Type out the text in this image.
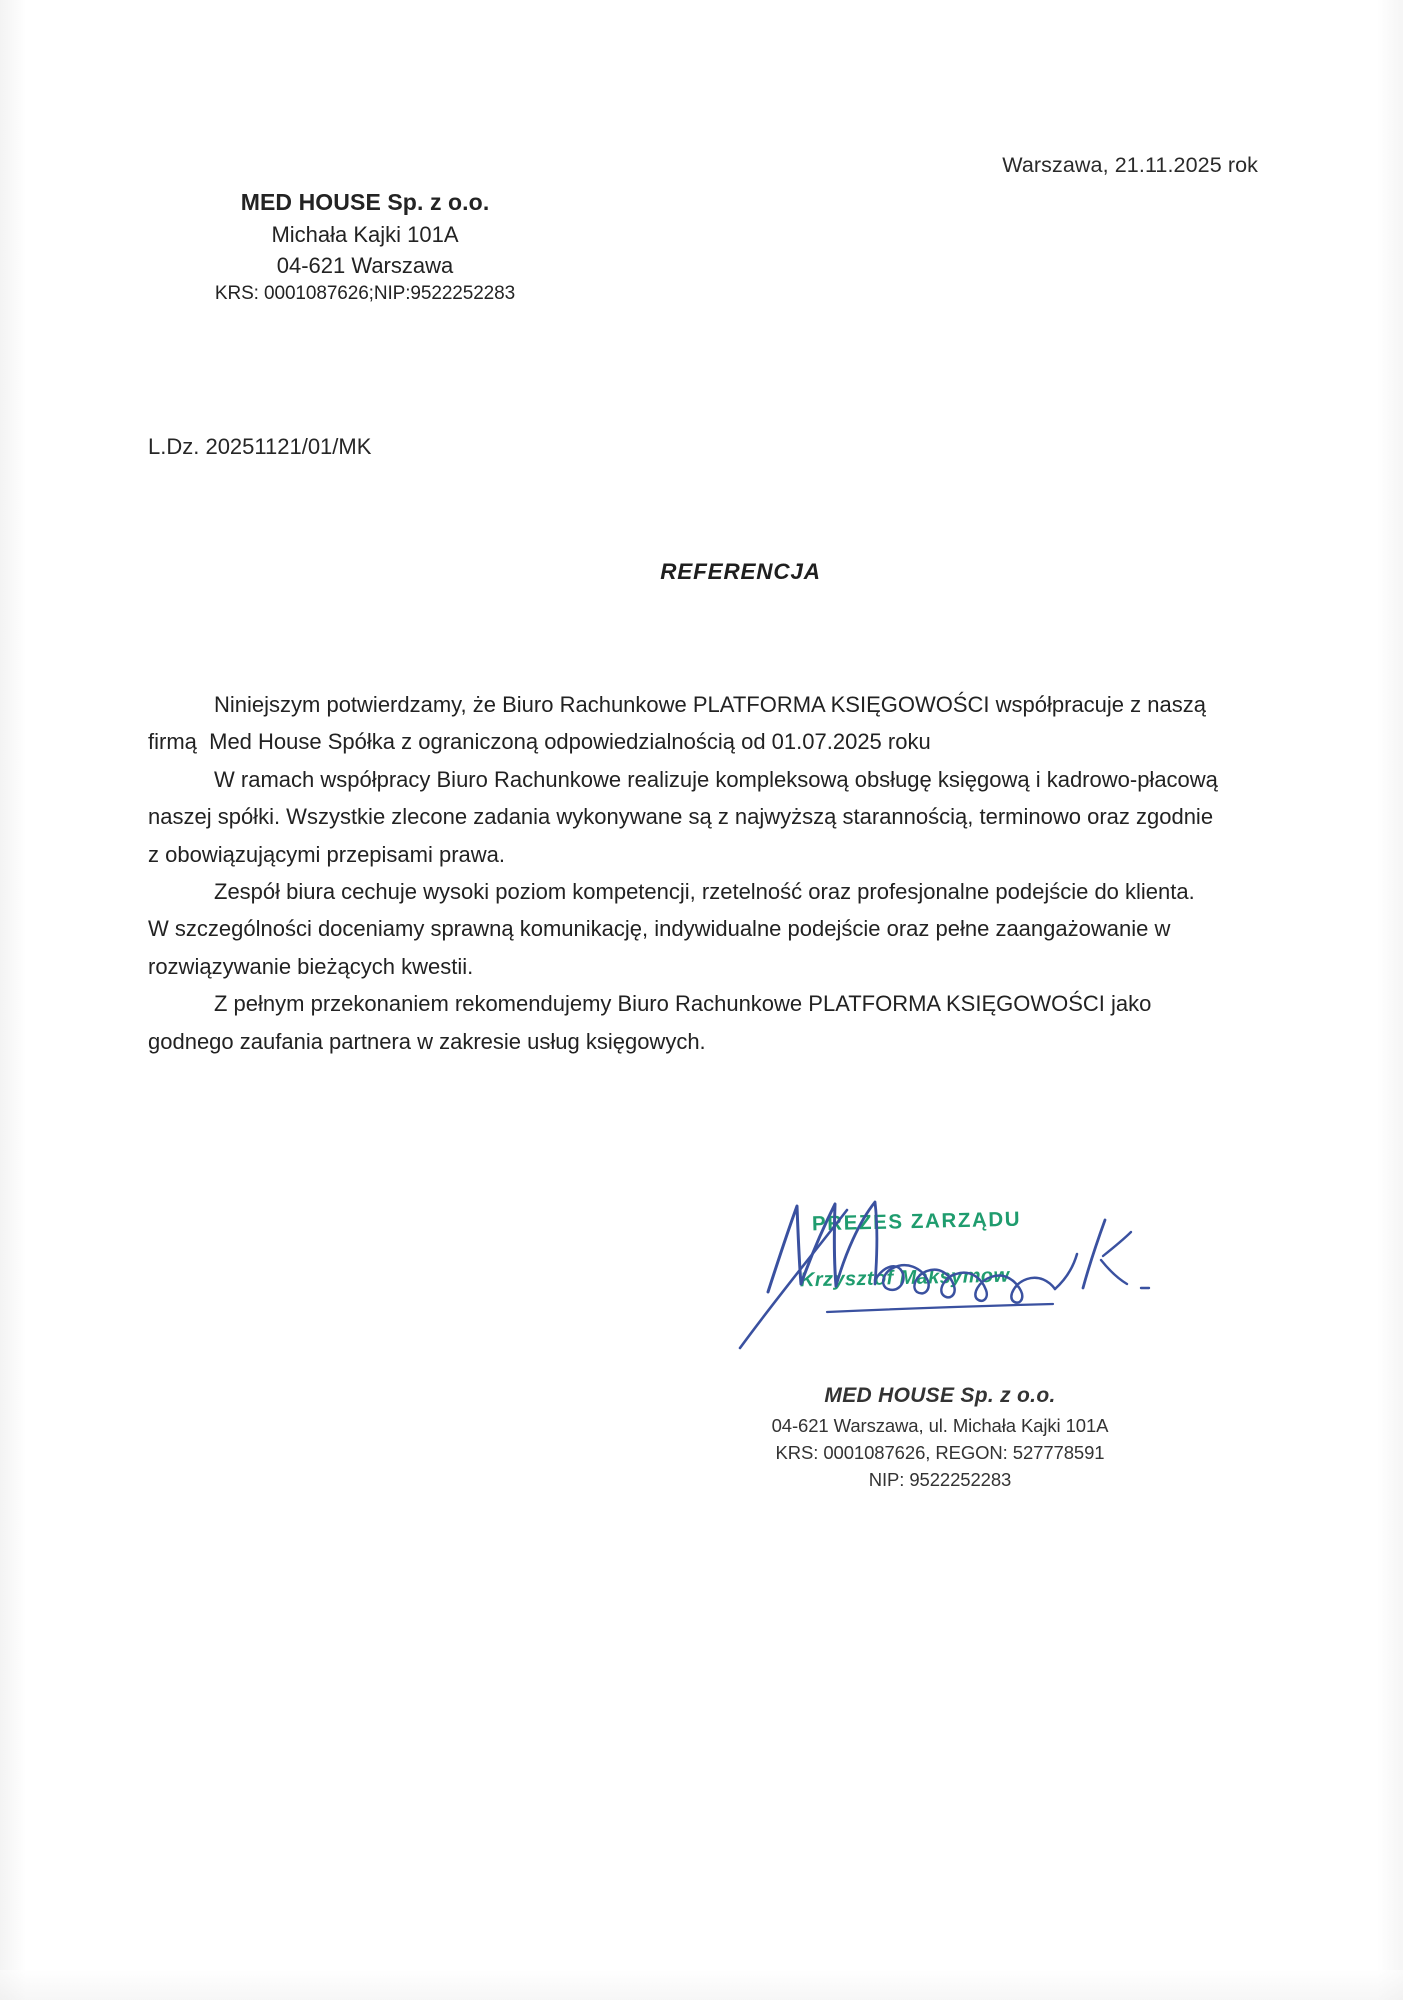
Warszawa, 21.11.2025 rok
MED HOUSE Sp. z o.o.
Michała Kajki 101A
04-621 Warszawa
KRS: 0001087626;NIP:9522252283
L.Dz. 20251121/01/MK
REFERENCJA

Niniejszym potwierdzamy, że Biuro Rachunkowe PLATFORMA KSIĘGOWOŚCI współpracuje z naszą firmą  Med House Spółka z ograniczoną odpowiedzialnością od 01.07.2025 roku

W ramach współpracy Biuro Rachunkowe realizuje kompleksową obsługę księgową i kadrowo-płacową naszej spółki. Wszystkie zlecone zadania wykonywane są z najwyższą starannością, terminowo oraz zgodnie z obowiązującymi przepisami prawa.

Zespół biura cechuje wysoki poziom kompetencji, rzetelność oraz profesjonalne podejście do klienta. W szczególności doceniamy sprawną komunikację, indywidualne podejście oraz pełne zaangażowanie w rozwiązywanie bieżących kwestii.

Z pełnym przekonaniem rekomendujemy Biuro Rachunkowe PLATFORMA KSIĘGOWOŚCI jako godnego zaufania partnera w zakresie usług księgowych.

PREZES ZARZĄDU
Krzysztof Maksymow
MED HOUSE Sp. z o.o.
04-621 Warszawa, ul. Michała Kajki 101A
KRS: 0001087626, REGON: 527778591
NIP: 9522252283
